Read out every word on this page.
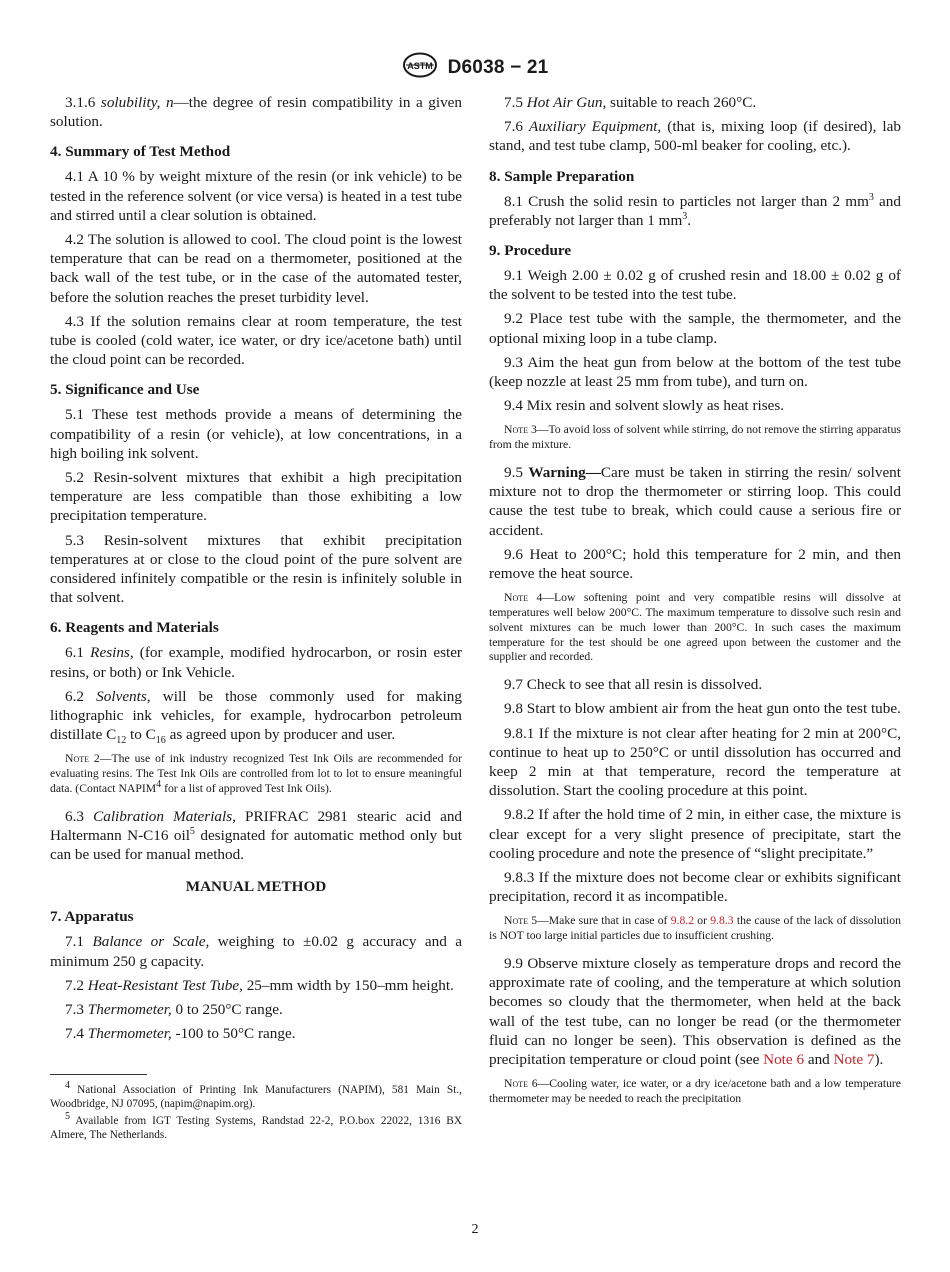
ASTM D6038 − 21

3.1.6 solubility, n—the degree of resin compatibility in a given solution.

4. Summary of Test Method

4.1 A 10 % by weight mixture of the resin (or ink vehicle) to be tested in the reference solvent (or vice versa) is heated in a test tube and stirred until a clear solution is obtained.

4.2 The solution is allowed to cool. The cloud point is the lowest temperature that can be read on a thermometer, positioned at the back wall of the test tube, or in the case of the automated tester, before the solution reaches the preset turbidity level.

4.3 If the solution remains clear at room temperature, the test tube is cooled (cold water, ice water, or dry ice/acetone bath) until the cloud point can be recorded.

5. Significance and Use

5.1 These test methods provide a means of determining the compatibility of a resin (or vehicle), at low concentrations, in a high boiling ink solvent.

5.2 Resin-solvent mixtures that exhibit a high precipitation temperature are less compatible than those exhibiting a low precipitation temperature.

5.3 Resin-solvent mixtures that exhibit precipitation temperatures at or close to the cloud point of the pure solvent are considered infinitely compatible or the resin is infinitely soluble in that solvent.

6. Reagents and Materials

6.1 Resins, (for example, modified hydrocarbon, or rosin ester resins, or both) or Ink Vehicle.

6.2 Solvents, will be those commonly used for making lithographic ink vehicles, for example, hydrocarbon petroleum distillate $C_{12}$ to $C_{16}$ as agreed upon by producer and user.

Note 2—The use of ink industry recognized Test Ink Oils are recommended for evaluating resins. The Test Ink Oils are controlled from lot to lot to ensure meaningful data. (Contact NAPIM$^4$ for a list of approved Test Ink Oils).

6.3 Calibration Materials, PRIFRAC 2981 stearic acid and Haltermann N-C16 oil$^5$ designated for automatic method only but can be used for manual method.

MANUAL METHOD
7. Apparatus

7.1 Balance or Scale, weighing to ±0.02 g accuracy and a minimum 250 g capacity.

7.2 Heat-Resistant Test Tube, 25–mm width by 150–mm height.

7.3 Thermometer, 0 to 250°C range.

7.4 Thermometer, -100 to 50°C range.

$^4$ National Association of Printing Ink Manufacturers (NAPIM), 581 Main St., Woodbridge, NJ 07095, (napim@napim.org).

$^5$ Available from IGT Testing Systems, Randstad 22-2, P.O.box 22022, 1316 BX Almere, The Netherlands.

7.5 Hot Air Gun, suitable to reach 260°C.

7.6 Auxiliary Equipment, (that is, mixing loop (if desired), lab stand, and test tube clamp, 500-ml beaker for cooling, etc.).

8. Sample Preparation

8.1 Crush the solid resin to particles not larger than 2 $mm^3$ and preferably not larger than 1 $mm^3$.

9. Procedure

9.1 Weigh 2.00 ± 0.02 g of crushed resin and 18.00 ± 0.02 g of the solvent to be tested into the test tube.

9.2 Place test tube with the sample, the thermometer, and the optional mixing loop in a tube clamp.

9.3 Aim the heat gun from below at the bottom of the test tube (keep nozzle at least 25 mm from tube), and turn on.

9.4 Mix resin and solvent slowly as heat rises.

Note 3—To avoid loss of solvent while stirring, do not remove the stirring apparatus from the mixture.

9.5 Warning—Care must be taken in stirring the resin/ solvent mixture not to drop the thermometer or stirring loop. This could cause the test tube to break, which could cause a serious fire or accident.

9.6 Heat to 200°C; hold this temperature for 2 min, and then remove the heat source.

Note 4—Low softening point and very compatible resins will dissolve at temperatures well below 200°C. The maximum temperature to dissolve such resin and solvent mixtures can be much lower than 200°C. In such cases the maximum temperature for the test should be one agreed upon between the customer and the supplier and recorded.

9.7 Check to see that all resin is dissolved.

9.8 Start to blow ambient air from the heat gun onto the test tube.

9.8.1 If the mixture is not clear after heating for 2 min at 200°C, continue to heat up to 250°C or until dissolution has occurred and keep 2 min at that temperature, record the temperature at dissolution. Start the cooling procedure at this point.

9.8.2 If after the hold time of 2 min, in either case, the mixture is clear except for a very slight presence of precipitate, start the cooling procedure and note the presence of “slight precipitate.”

9.8.3 If the mixture does not become clear or exhibits significant precipitation, record it as incompatible.

Note 5—Make sure that in case of 9.8.2 or 9.8.3 the cause of the lack of dissolution is NOT too large initial particles due to insufficient crushing.

9.9 Observe mixture closely as temperature drops and record the approximate rate of cooling, and the temperature at which solution becomes so cloudy that the thermometer, when held at the back wall of the test tube, can no longer be read (or the thermometer fluid can no longer be seen). This observation is defined as the precipitation temperature or cloud point (see Note 6 and Note 7).

Note 6—Cooling water, ice water, or a dry ice/acetone bath and a low temperature thermometer may be needed to reach the precipitation

2
